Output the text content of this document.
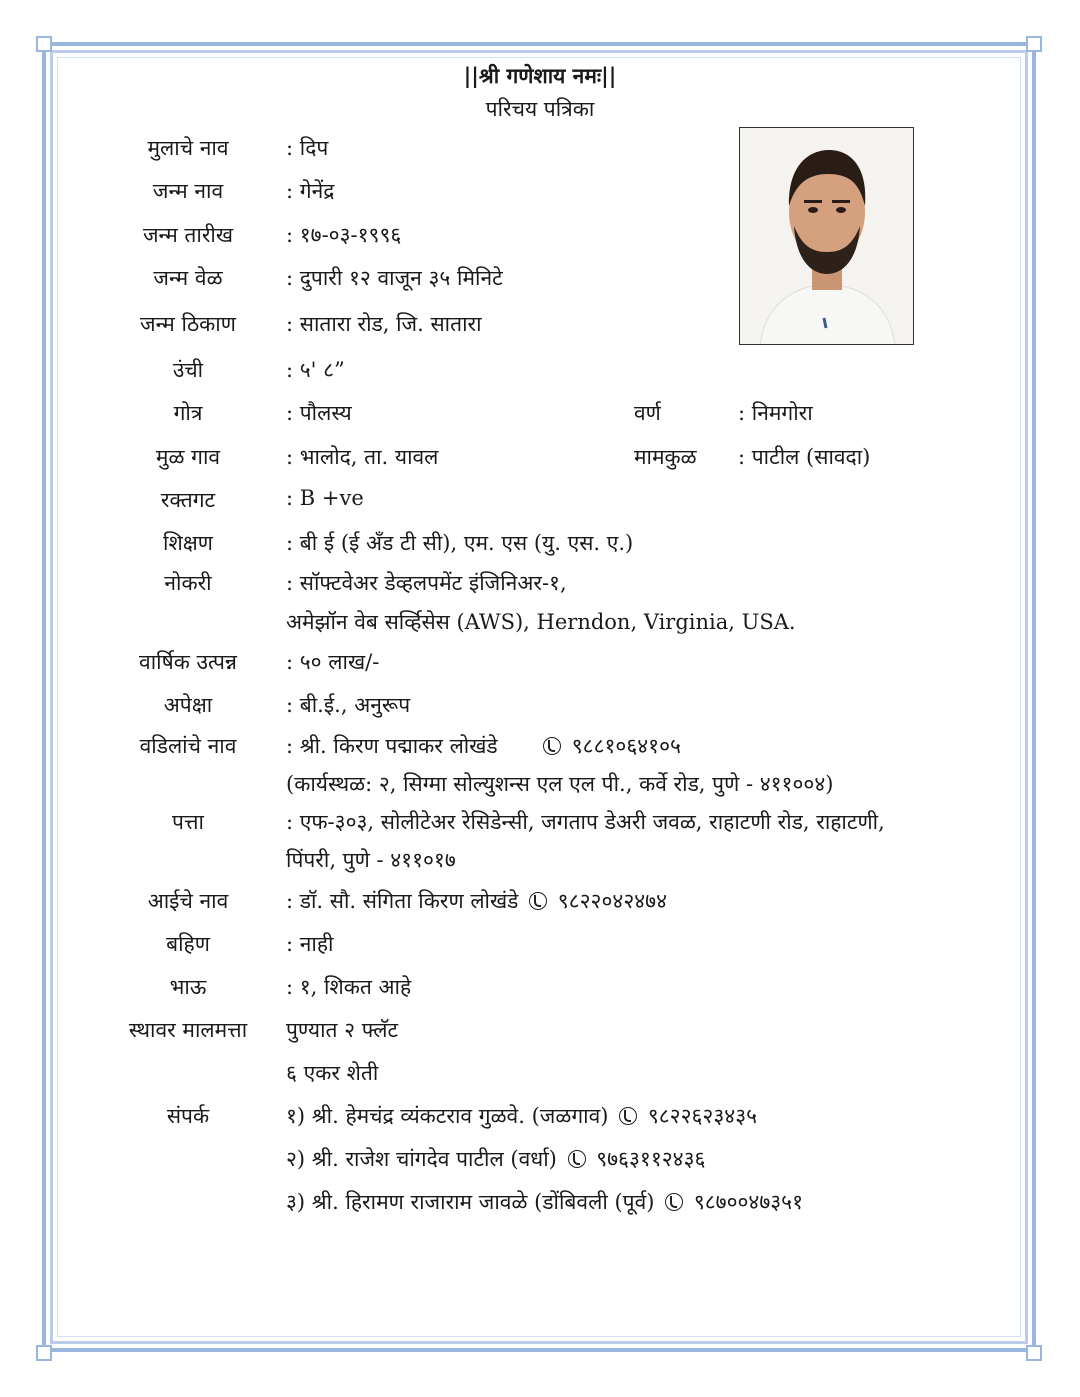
||श्री गणेशाय नमः||
परिचय पत्रिका
मुलाचे नाव	: दिप
जन्म नाव	: गेनेंद्र
जन्म तारीख	: १७-०३-१९९६
जन्म वेळ	: दुपारी १२ वाजून ३५ मिनिटे
जन्म ठिकाण	: सातारा रोड, जि. सातारा
उंची	: ५' ८”
गोत्र	: पौलस्य	वर्ण	: निमगोरा
मुळ गाव	: भालोद, ता. यावल	मामकुळ : पाटील (सावदा)
रक्तगट	: B +ve
शिक्षण	: बी ई (ई अँड टी सी), एम. एस (यु. एस. ए.)
नोकरी	: सॉफ्टवेअर डेव्हलपमेंट इंजिनिअर-१,
अमेझॉन वेब सर्व्हिसेस (AWS), Herndon, Virginia, USA.
वार्षिक उत्पन्न	: ५० लाख/-
अपेक्षा	: बी.ई., अनुरूप
वडिलांचे नाव	: श्री. किरण पद्माकर लोखंडे	९८८१०६४१०५
(कार्यस्थळ: २, सिग्मा सोल्युशन्स एल एल पी., कर्वे रोड, पुणे - ४११००४)
पत्ता	: एफ-३०३, सोलीटेअर रेसिडेन्सी, जगताप डेअरी जवळ, राहाटणी रोड, राहाटणी,
पिंपरी, पुणे - ४११०१७
आईचे नाव	: डॉ. सौ. संगिता किरण लोखंडे ९८२२०४२४७४
बहिण	: नाही
भाऊ	: १, शिकत आहे
स्थावर मालमत्ता	पुण्यात २ फ्लॅट
६ एकर शेती
संपर्क	१) श्री. हेमचंद्र व्यंकटराव गुळवे. (जळगाव) ९८२२६२३४३५
२) श्री. राजेश चांगदेव पाटील (वर्धा) ९७६३११२४३६
३) श्री. हिरामण राजाराम जावळे (डोंबिवली (पूर्व) ९८७००४७३५१
